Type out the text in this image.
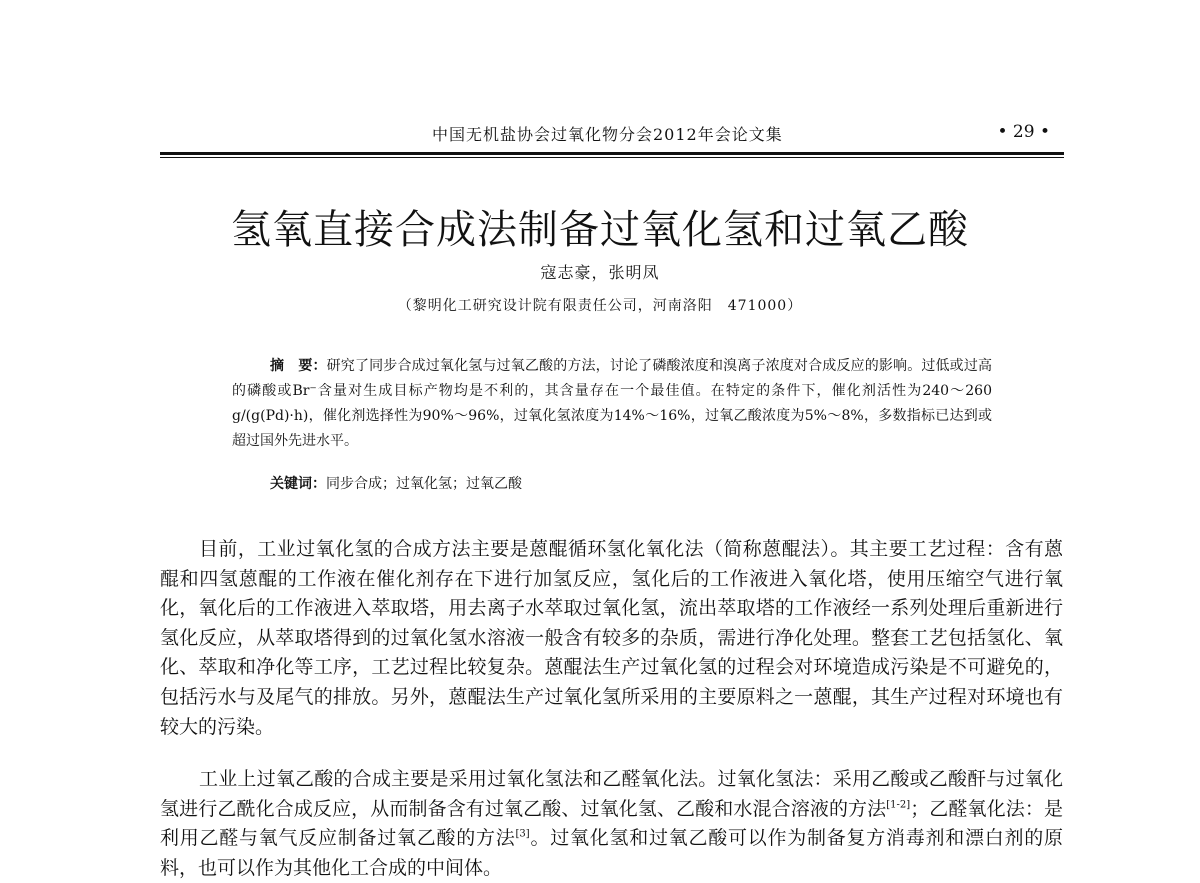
中国无机盐协会过氧化物分会2012年会论文集	• 29 •
氢氧直接合成法制备过氧化氢和过氧乙酸
寇志豪，张明凤
（黎明化工研究设计院有限责任公司，河南洛阳　471000）
摘　要：研究了同步合成过氧化氢与过氧乙酸的方法，讨论了磷酸浓度和溴离子浓度对合成反应的影响。过低或过高的磷酸或Br⁻含量对生成目标产物均是不利的，其含量存在一个最佳值。在特定的条件下，催化剂活性为240～260 g/(g(Pd)·h)，催化剂选择性为90%～96%，过氧化氢浓度为14%～16%，过氧乙酸浓度为5%～8%，多数指标已达到或超过国外先进水平。
关键词：同步合成；过氧化氢；过氧乙酸

目前，工业过氧化氢的合成方法主要是蒽醌循环氢化氧化法（简称蒽醌法）。其主要工艺过程：含有蒽醌和四氢蒽醌的工作液在催化剂存在下进行加氢反应，氢化后的工作液进入氧化塔，使用压缩空气进行氧化，氧化后的工作液进入萃取塔，用去离子水萃取过氧化氢，流出萃取塔的工作液经一系列处理后重新进行氢化反应，从萃取塔得到的过氧化氢水溶液一般含有较多的杂质，需进行净化处理。整套工艺包括氢化、氧化、萃取和净化等工序，工艺过程比较复杂。蒽醌法生产过氧化氢的过程会对环境造成污染是不可避免的，包括污水与及尾气的排放。另外，蒽醌法生产过氧化氢所采用的主要原料之一蒽醌，其生产过程对环境也有较大的污染。

工业上过氧乙酸的合成主要是采用过氧化氢法和乙醛氧化法。过氧化氢法：采用乙酸或乙酸酐与过氧化氢进行乙酰化合成反应，从而制备含有过氧乙酸、过氧化氢、乙酸和水混合溶液的方法[1-2]；乙醛氧化法：是利用乙醛与氧气反应制备过氧乙酸的方法[3]。过氧化氢和过氧乙酸可以作为制备复方消毒剂和漂白剂的原料，也可以作为其他化工合成的中间体。
